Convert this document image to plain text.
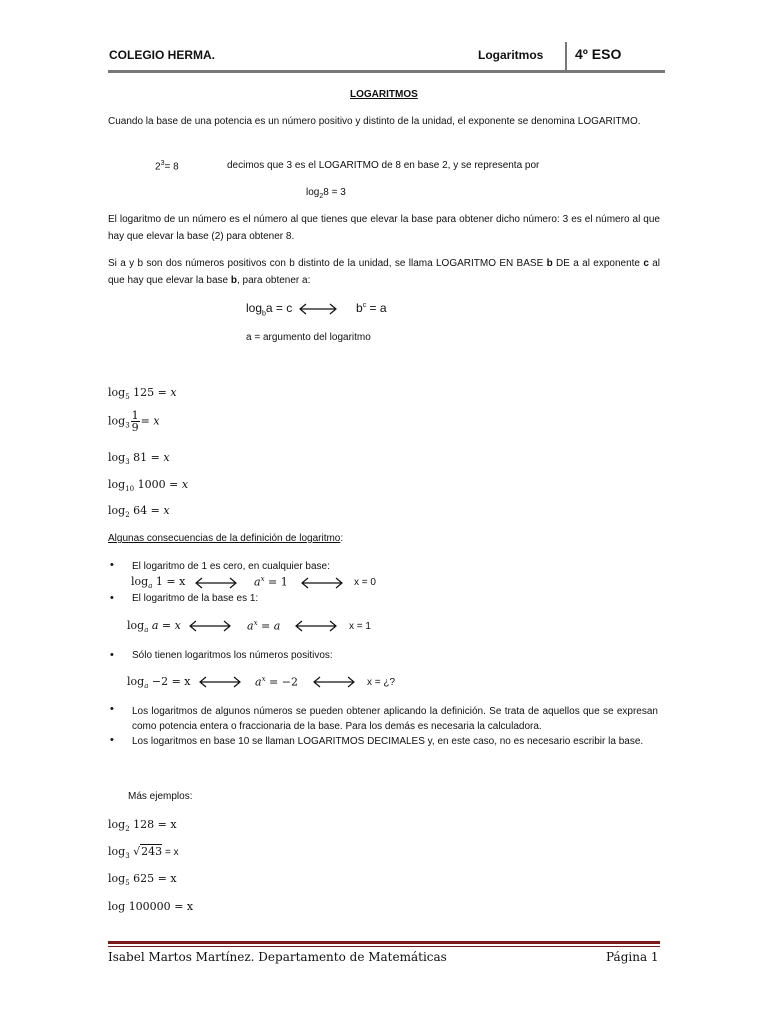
COLEGIO HERMA.	Logaritmos 4º ESO
LOGARITMOS
Cuando la base de una potencia es un número positivo y distinto de la unidad, el exponente se denomina LOGARITMO.
$2^3= 8$	decimos que 3 es el LOGARITMO de 8 en base 2, y se representa por
$\log_28 = 3$
El logaritmo de un número es el número al que tienes que elevar la base para obtener dicho número: 3 es el número al que hay que elevar la base (2) para obtener 8.
Si a y b son dos números positivos con b distinto de la unidad, se llama LOGARITMO EN BASE b DE a al exponente c al que hay que elevar la base b, para obtener a:
$\log_ba = c$	$b^c = a$
a = argumento del logaritmo
$\log_5 125 = x$
$\log_3 \frac{1}{9} = x$
$\log_3 81 = x$
$\log_{10} 1000 = x$
$\log_2 64 = x$
Algunas consecuencias de la definición de logaritmo:
• El logaritmo de 1 es cero, en cualquier base:
$\log_a 1 = x$	$a^x = 1$	x = 0
• El logaritmo de la base es 1:
$\log_a a = x$	$a^x = a$	x = 1
• Sólo tienen logaritmos los números positivos:
$\log_a -2 = x$	$a^x = -2$	x = ¿?
• Los logaritmos de algunos números se pueden obtener aplicando la definición. Se trata de aquellos que se expresan como potencia entera o fraccionaria de la base. Para los demás es necesaria la calculadora.
• Los logaritmos en base 10 se llaman LOGARITMOS DECIMALES y, en este caso, no es necesario escribir la base.
Más ejemplos:
$\log_2 128 = x$
$\log_3 √243 = x$
$\log_5 625 = x$
log 100000 = x
Isabel Martos Martínez. Departamento de Matemáticas	Página 1
